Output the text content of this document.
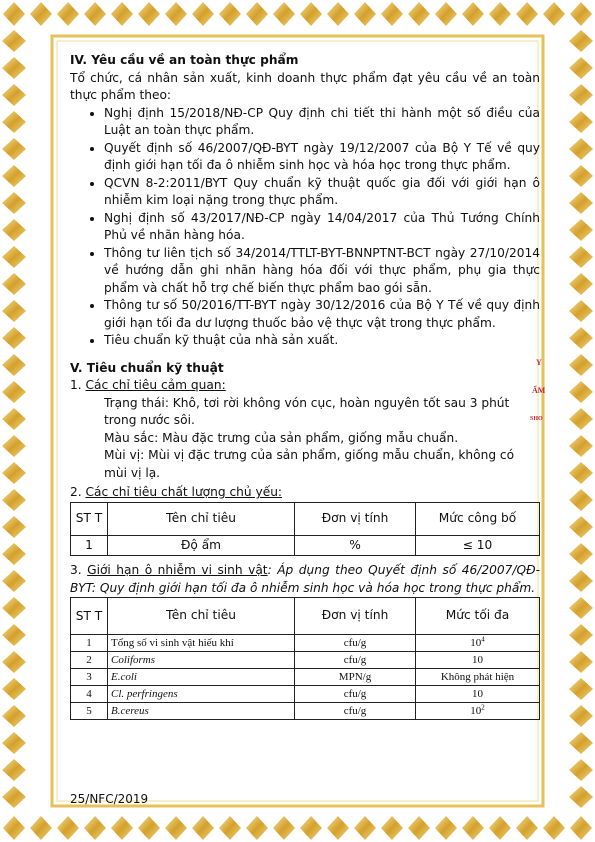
IV. Yêu cầu về an toàn thực phẩm

Tổ chức, cá nhân sản xuất, kinh doanh thực phẩm đạt yêu cầu về an toàn thực phẩm theo:

• Nghị định 15/2018/NĐ-CP Quy định chi tiết thi hành một số điều của Luật an toàn thực phẩm.
• Quyết định số 46/2007/QĐ-BYT ngày 19/12/2007 của Bộ Y Tế về quy định giới hạn tối đa ô nhiễm sinh học và hóa học trong thực phẩm.
• QCVN 8-2:2011/BYT Quy chuẩn kỹ thuật quốc gia đối với giới hạn ô nhiễm kim loại nặng trong thực phẩm.
• Nghị định số 43/2017/NĐ-CP ngày 14/04/2017 của Thủ Tướng Chính Phủ về nhãn hàng hóa.
• Thông tư liên tịch số 34/2014/TTLT-BYT-BNNPTNT-BCT ngày 27/10/2014 về hướng dẫn ghi nhãn hàng hóa đối với thực phẩm, phụ gia thực phẩm và chất hỗ trợ chế biến thực phẩm bao gói sẵn.
• Thông tư số 50/2016/TT-BYT ngày 30/12/2016 của Bộ Y Tế về quy định giới hạn tối đa dư lượng thuốc bảo vệ thực vật trong thực phẩm.
• Tiêu chuẩn kỹ thuật của nhà sản xuất.

V. Tiêu chuẩn kỹ thuật

1. Các chỉ tiêu cảm quan:

Trạng thái: Khô, tơi rời không vón cục, hoàn nguyên tốt sau 3 phút trong nước sôi.

Màu sắc: Màu đặc trưng của sản phẩm, giống mẫu chuẩn.

Mùi vị: Mùi vị đặc trưng của sản phẩm, giống mẫu chuẩn, không có mùi vị lạ.

2. Các chỉ tiêu chất lượng chủ yếu:

ST T	Tên chỉ tiêu	Đơn vị tính	Mức công bố
1	Độ ẩm	%	≤ 10

3. Giới hạn ô nhiễm vi sinh vật: Áp dụng theo Quyết định số 46/2007/QĐ-BYT: Quy định giới hạn tối đa ô nhiễm sinh học và hóa học trong thực phẩm.

ST T	Tên chỉ tiêu	Đơn vị tính	Mức tối đa
1	Tổng số vi sinh vật hiếu khí	cfu/g	$10^4$
2	Coliforms	cfu/g	10
3	E.coli	MPN/g	Không phát hiện
4	Cl. perfringens	cfu/g	10
5	B.cereus	cfu/g	$10^2$
Y
ẨM
SHO
25/NFC/2019
